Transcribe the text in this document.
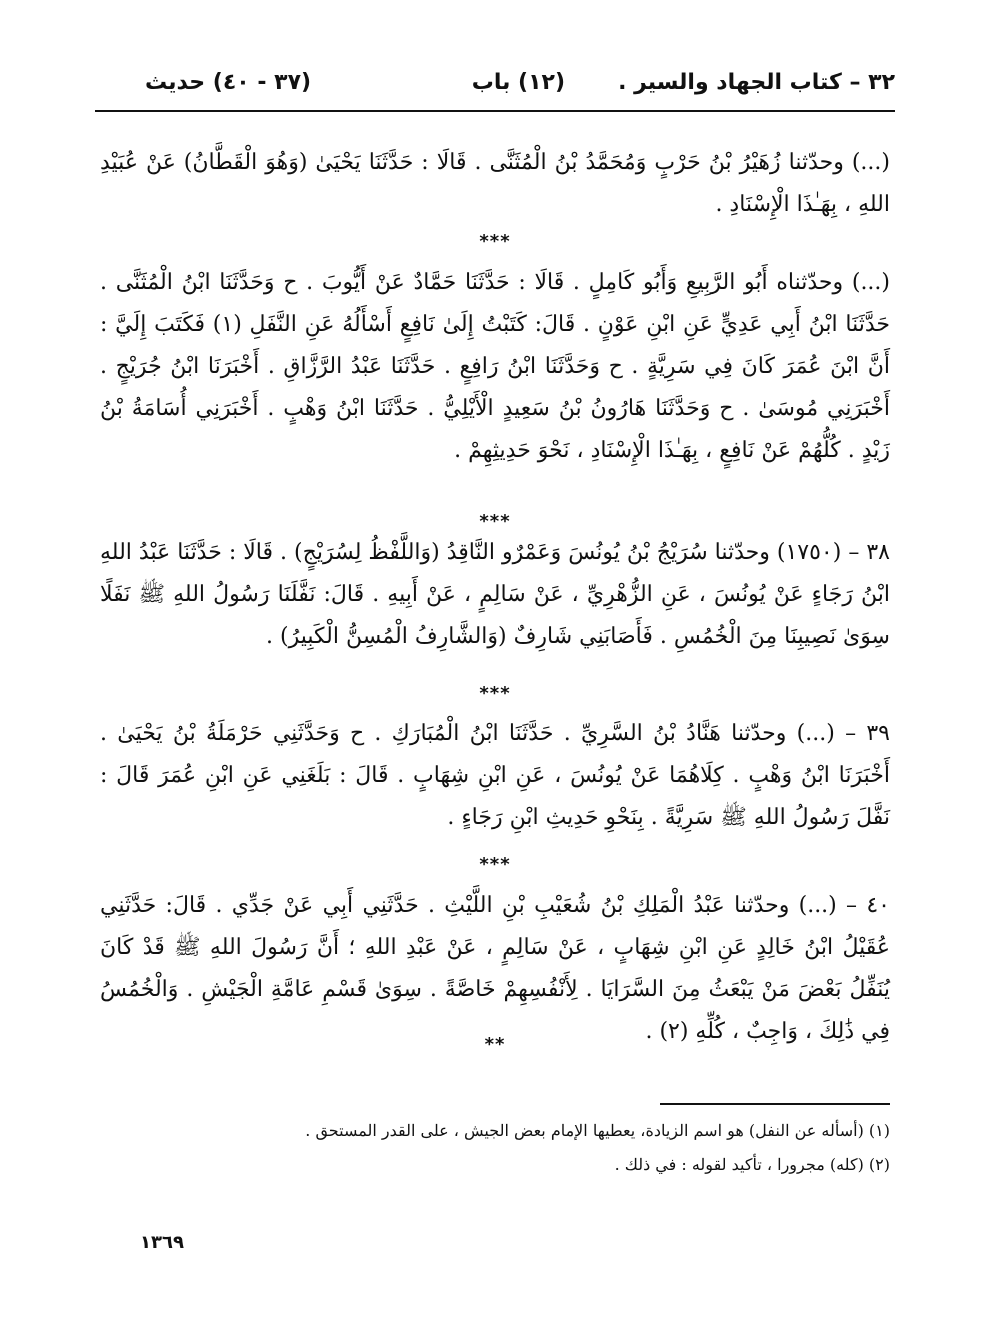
٣٢ – كتاب الجهاد والسير .
(١٢) باب
(٣٧ - ٤٠) حديث
(...) وحدّثنا زُهَيْرُ بْنُ حَرْبٍ وَمُحَمَّدُ بْنُ الْمُثَنَّى . قَالَا : حَدَّثَنَا يَحْيَىٰ (وَهُوَ الْقَطَّانُ) عَنْ عُبَيْدِ اللهِ ، بِهَـٰذَا الْإِسْنَادِ .
***
(...) وحدّثناه أَبُو الرَّبِيعِ وَأَبُو كَامِلٍ . قَالَا : حَدَّثَنَا حَمَّادٌ عَنْ أَيُّوبَ . ح وَحَدَّثَنَا ابْنُ الْمُثَنَّى . حَدَّثَنَا ابْنُ أَبِي عَدِيٍّ عَنِ ابْنِ عَوْنٍ . قَالَ: كَتَبْتُ إِلَىٰ نَافِعٍ أَسْأَلُهُ عَنِ النَّفَلِ (١) فَكَتَبَ إِلَيَّ : أَنَّ ابْنَ عُمَرَ كَانَ فِي سَرِيَّةٍ . ح وَحَدَّثَنَا ابْنُ رَافِعٍ . حَدَّثَنَا عَبْدُ الرَّزَّاقِ . أَخْبَرَنَا ابْنُ جُرَيْجٍ . أَخْبَرَنِي مُوسَىٰ . ح وَحَدَّثَنَا هَارُونُ بْنُ سَعِيدٍ الْأَيْلِيُّ . حَدَّثَنَا ابْنُ وَهْبٍ . أَخْبَرَنِي أُسَامَةُ بْنُ زَيْدٍ . كُلُّهُمْ عَنْ نَافِعٍ ، بِهَـٰذَا الْإِسْنَادِ ، نَحْوَ حَدِيثِهِمْ .
***
٣٨ – (١٧٥٠) وحدّثنا سُرَيْجُ بْنُ يُونُسَ وَعَمْرٌو النَّاقِدُ (وَاللَّفْظُ لِسُرَيْجٍ) . قَالَا : حَدَّثَنَا عَبْدُ اللهِ ابْنُ رَجَاءٍ عَنْ يُونُسَ ، عَنِ الزُّهْرِيِّ ، عَنْ سَالِمٍ ، عَنْ أَبِيهِ . قَالَ: نَفَّلَنَا رَسُولُ اللهِ ﷺ نَفَلًا سِوَىٰ نَصِيبِنَا مِنَ الْخُمُسِ . فَأَصَابَنِي شَارِفٌ (وَالشَّارِفُ الْمُسِنُّ الْكَبِيرُ) .
***
٣٩ – (...) وحدّثنا هَنَّادُ بْنُ السَّرِيِّ . حَدَّثَنَا ابْنُ الْمُبَارَكِ . ح وَحَدَّثَنِي حَرْمَلَةُ بْنُ يَحْيَىٰ . أَخْبَرَنَا ابْنُ وَهْبٍ . كِلَاهُمَا عَنْ يُونُسَ ، عَنِ ابْنِ شِهَابٍ . قَالَ : بَلَغَنِي عَنِ ابْنِ عُمَرَ قَالَ : نَفَّلَ رَسُولُ اللهِ ﷺ سَرِيَّةً . بِنَحْوِ حَدِيثِ ابْنِ رَجَاءٍ .
***
٤٠ – (...) وحدّثنا عَبْدُ الْمَلِكِ بْنُ شُعَيْبِ بْنِ اللَّيْثِ . حَدَّثَنِي أَبِي عَنْ جَدِّي . قَالَ: حَدَّثَنِي عُقَيْلُ ابْنُ خَالِدٍ عَنِ ابْنِ شِهَابٍ ، عَنْ سَالِمٍ ، عَنْ عَبْدِ اللهِ ؛ أَنَّ رَسُولَ اللهِ ﷺ قَدْ كَانَ يُنَفِّلُ بَعْضَ مَنْ يَبْعَثُ مِنَ السَّرَايَا . لِأَنْفُسِهِمْ خَاصَّةً . سِوَىٰ قَسْمِ عَامَّةِ الْجَيْشِ . وَالْخُمُسُ فِي ذَٰلِكَ ، وَاجِبٌ ، كُلِّهِ (٢) .
**
(١) (أسأله عن النفل) هو اسم الزيادة، يعطيها الإمام بعض الجيش ، على القدر المستحق .
(٢) (كله) مجرورا ، تأكيد لقوله : في ذلك .
١٣٦٩
